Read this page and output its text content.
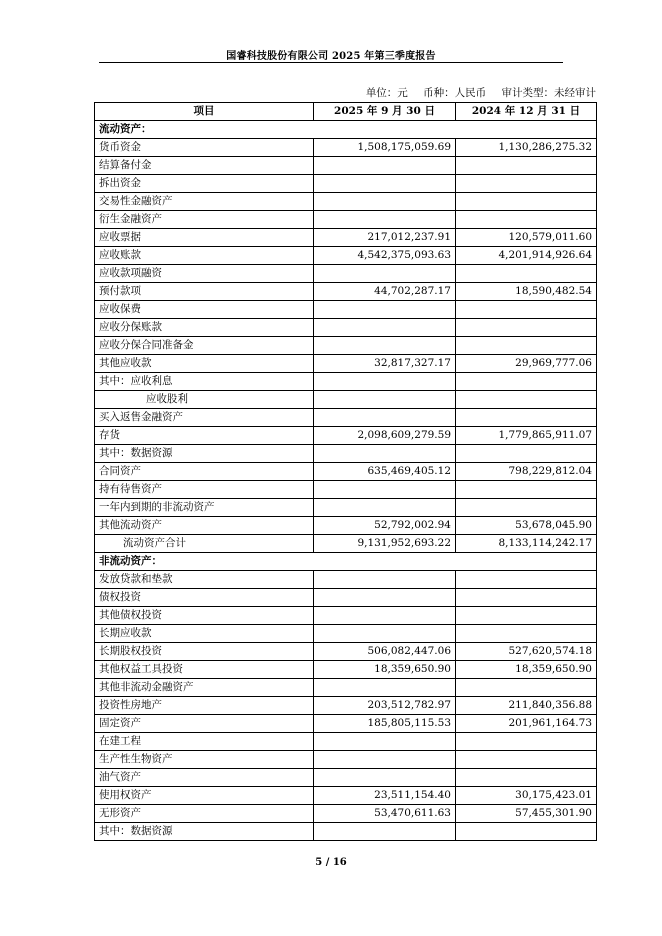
国睿科技股份有限公司 2025 年第三季度报告
单位：元 币种：人民币 审计类型：未经审计
项目	2025 年 9 月 30 日	2024 年 12 月 31 日
流动资产：		
货币资金	1,508,175,059.69	1,130,286,275.32
结算备付金		
拆出资金		
交易性金融资产		
衍生金融资产		
应收票据	217,012,237.91	120,579,011.60
应收账款	4,542,375,093.63	4,201,914,926.64
应收款项融资		
预付款项	44,702,287.17	18,590,482.54
应收保费		
应收分保账款		
应收分保合同准备金		
其他应收款	32,817,327.17	29,969,777.06
其中：应收利息		
应收股利		
买入返售金融资产		
存货	2,098,609,279.59	1,779,865,911.07
其中：数据资源		
合同资产	635,469,405.12	798,229,812.04
持有待售资产		
一年内到期的非流动资产		
其他流动资产	52,792,002.94	53,678,045.90
流动资产合计	9,131,952,693.22	8,133,114,242.17
非流动资产：		
发放贷款和垫款		
债权投资		
其他债权投资		
长期应收款		
长期股权投资	506,082,447.06	527,620,574.18
其他权益工具投资	18,359,650.90	18,359,650.90
其他非流动金融资产		
投资性房地产	203,512,782.97	211,840,356.88
固定资产	185,805,115.53	201,961,164.73
在建工程		
生产性生物资产		
油气资产		
使用权资产	23,511,154.40	30,175,423.01
无形资产	53,470,611.63	57,455,301.90
其中：数据资源		
5 / 16
